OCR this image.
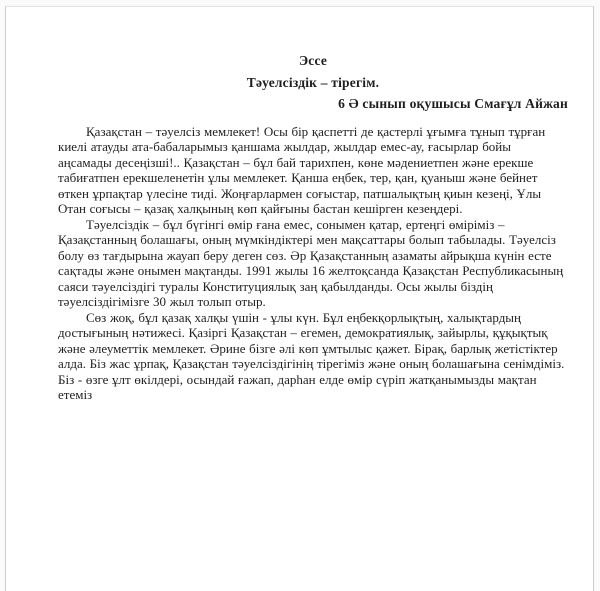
Эссе
Тәуелсіздік – тірегім.
6 Ә сынып оқушысы Смағұл Айжан

Қазақстан – тәуелсіз мемлекет! Осы бір қаспетті де қастерлі ұғымға тұнып тұрған киелі атауды ата-бабаларымыз қаншама жылдар, жылдар емес-ау, ғасырлар бойы аңсамады десеңізші!.. Қазақстан – бұл бай тарихпен, көне мәдениетпен және ерекше табиғатпен ерекшеленетін ұлы мемлекет. Қанша еңбек, тер, қан, қуаныш және бейнет өткен ұрпақтар үлесіне тиді. Жоңғарлармен соғыстар, патшалықтың қиын кезеңі, Ұлы Отан соғысы – қазақ халқының көп қайғыны бастан кешірген кезеңдері.

Тәуелсіздік – бұл бүгінгі өмір ғана емес, сонымен қатар, ертеңгі өміріміз – Қазақстанның болашағы, оның мүмкіндіктері мен мақсаттары болып табылады. Тәуелсіз болу өз тағдырына жауап беру деген сөз. Әр Қазақстанның азаматы айрықша күнін есте сақтады және онымен мақтанды. 1991 жылы 16 желтоқсанда Қазақстан Республикасының саяси тәуелсіздігі туралы Конституциялық заң қабылданды. Осы жылы біздің тәуелсіздігімізге 30 жыл толып отыр.

Сөз жоқ, бұл қазақ халқы үшін - ұлы күн. Бұл еңбекқорлықтың, халықтардың достығының нәтижесі. Қазіргі Қазақстан – егемен, демократиялық, зайырлы, құқықтық және әлеуметтік мемлекет. Әрине бізге әлі көп ұмтылыс қажет. Бірақ, барлық жетістіктер алда. Біз жас ұрпақ, Қазақстан тәуелсіздігінің тірегіміз және оның болашағына сенімдіміз. Біз - өзге ұлт өкілдері, осындай ғажап, дарһан елде өмір сүріп жатқанымызды мақтан етеміз
